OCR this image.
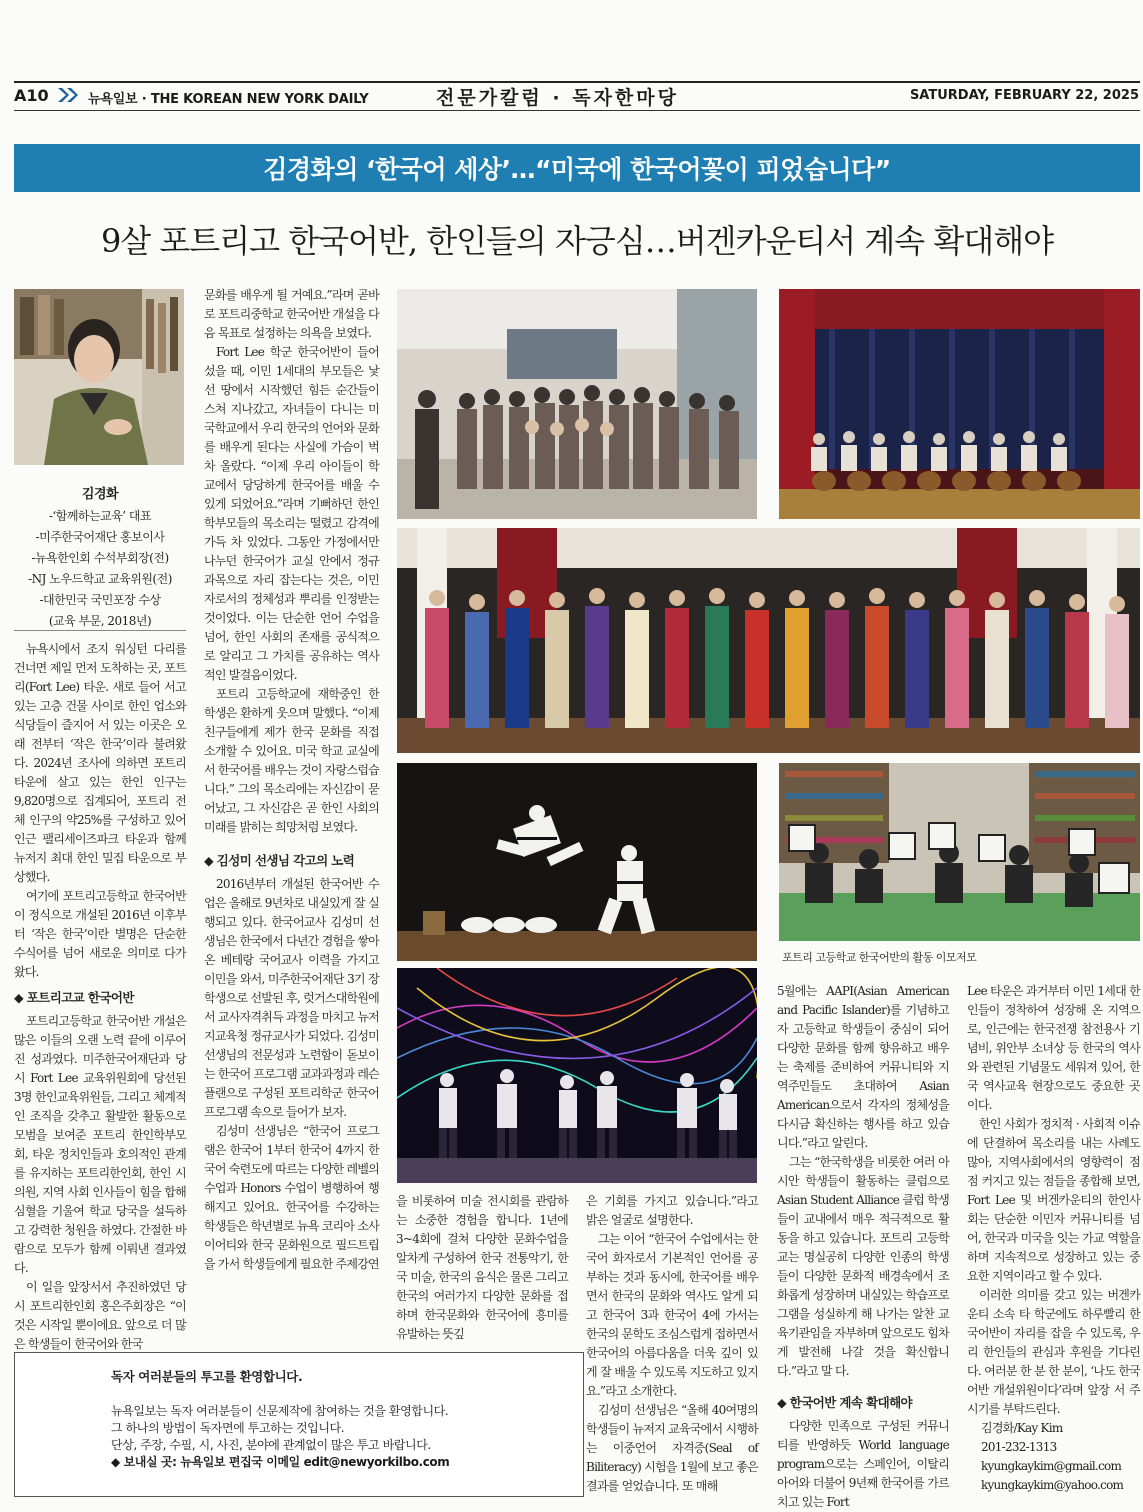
A10	뉴욕일보 · THE KOREAN NEW YORK DAILY	전문가칼럼 · 독자한마당	SATURDAY, FEBRUARY 22, 2025
김경화의 ‘한국어 세상’…“미국에 한국어꽃이 피었습니다”
9살 포트리고 한국어반, 한인들의 자긍심…버겐카운티서 계속 확대해야
김경화
-‘함께하는교육’ 대표
-미주한국어재단 홍보이사
-뉴욕한인회 수석부회장(전)
-NJ 노우드학교 교육위원(전)
-대한민국 국민포장 수상
(교육 부문, 2018년)

뉴욕시에서 조지 워싱턴 다리를 건너면 제일 먼저 도착하는 곳, 포트리(Fort Lee) 타운. 새로 들어 서고 있는 고층 건물 사이로 한인 업소와 식당들이 즐지어 서 있는 이곳은 오래 전부터 ‘작은 한국’이라 불려왔다. 2024년 조사에 의하면 포트리타운에 살고 있는 한인 인구는 9,820명으로 집계되어, 포트리 전체 인구의 약25%를 구성하고 있어 인근 팰리세이즈파크 타운과 함께 뉴저지 최대 한인 밀집 타운으로 부상했다.

여기에 포트리고등학교 한국어반이 정식으로 개설된 2016년 이후부터 ‘작은 한국’이란 별명은 단순한 수식어를 넘어 새로운 의미로 다가왔다.

◆ 포트리고교 한국어반

포트리고등학교 한국어반 개설은 많은 이들의 오랜 노력 끝에 이루어진 성과였다. 미주한국어재단과 당시 Fort Lee 교육위원회에 당선된 3명 한인교육위원들, 그리고 체계적인 조직을 갖추고 활발한 활동으로 모범을 보여준 포트리 한인학부모회, 타운 정치인들과 호의적인 관계를 유지하는 포트리한인회, 한인 시의원, 지역 사회 인사들이 힘을 합해 심혈을 기울여 학교 당국을 설득하고 강력한 청원을 하였다. 간절한 바람으로 모두가 함께 이뤄낸 결과였다.

이 일을 앞장서서 추진하였던 당시 포트리한인회 홍은주회장은 “이것은 시작일 뿐이에요. 앞으로 더 많은 학생들이 한국어와 한국

문화를 배우게 될 거예요.”라며 곧바로 포트리중학교 한국어반 개설을 다음 목표로 설정하는 의욕을 보였다.

Fort Lee 학군 한국어반이 들어섰을 때, 이민 1세대의 부모들은 낯선 땅에서 시작했던 힘든 순간들이 스쳐 지나갔고, 자녀들이 다니는 미국학교에서 우리 한국의 언어와 문화를 배우게 된다는 사실에 가슴이 벅차 올랐다. “이제 우리 아이들이 학교에서 당당하게 한국어를 배울 수 있게 되었어요.”라며 기뻐하던 한인 학부모들의 목소리는 떨렸고 감격에 가득 차 있었다. 그동안 가정에서만 나누던 한국어가 교실 안에서 정규 과목으로 자리 잡는다는 것은, 이민자로서의 정체성과 뿌리를 인정받는 것이었다. 이는 단순한 언어 수업을 넘어, 한인 사회의 존재를 공식적으로 알리고 그 가치를 공유하는 역사적인 발걸음이었다.

포트리 고등학교에 재학중인 한 학생은 환하게 웃으며 말했다. “이제 친구들에게 제가 한국 문화를 직접 소개할 수 있어요. 미국 학교 교실에서 한국어를 배우는 것이 자랑스럽습니다.” 그의 목소리에는 자신감이 묻어났고, 그 자신감은 곧 한인 사회의 미래를 밝히는 희망처럼 보였다.

◆ 김성미 선생님 각고의 노력

2016년부터 개설된 한국어반 수업은 올해로 9년차로 내실있게 잘 실행되고 있다. 한국어교사 김성미 선생님은 한국에서 다년간 경험을 쌓아 온 베테랑 국어교사 이력을 가지고 이민을 와서, 미주한국어재단 3기 장학생으로 선발된 후, 럿거스대학원에서 교사자격취득 과정을 마치고 뉴저지교육청 정규교사가 되었다. 김성미 선생님의 전문성과 노련함이 돋보이는 한국어 프로그램 교과과정과 레슨플랜으로 구성된 포트리학군 한국어 프로그램 속으로 들어가 보자.

김성미 선생님은 “한국어 프로그램은 한국어 1부터 한국어 4까지 한국어 숙련도에 따르는 다양한 레벨의 수업과 Honors 수업이 병행하여 행해지고 있어요. 한국어를 수강하는 학생들은 학년별로 뉴욕 코리아 소사이어티와 한국 문화원으로 필드트립을 가서 학생들에게 필요한 주제강연

포트리 고등학교 한국어반의 활동 이모저모

을 비롯하여 미술 전시회를 관람하는 소중한 경험을 합니다. 1년에 3~4회에 걸쳐 다양한 문화수업을 알차게 구성하여 한국 전통악기, 한국 미술, 한국의 음식은 물론 그리고 한국의 여러가지 다양한 문화를 접하며 한국문화와 한국어에 흥미를 유발하는 뜻깊

은 기회를 가지고 있습니다.”라고 밝은 얼굴로 설명한다.

그는 이어 “한국어 수업에서는 한국어 화자로서 기본적인 언어를 공부하는 것과 동시에, 한국어를 배우면서 한국의 문화와 역사도 알게 되고 한국어 3과 한국어 4에 가서는 한국의 문학도 조심스럽게 접하면서 한국어의 아름다움을 더욱 깊이 있게 잘 배울 수 있도록 지도하고 있지요.”라고 소개한다.

김성미 선생님은 “올해 40여명의 학생들이 뉴저지 교육국에서 시행하는 이중언어 자격증(Seal of Biliteracy) 시험을 1월에 보고 좋은 결과를 얻었습니다. 또 매해

5월에는 AAPI(Asian American and Pacific Islander)를 기념하고자 고등학교 학생들이 중심이 되어 다양한 문화를 함께 향유하고 배우는 축제를 준비하여 커뮤니티와 지역주민들도 초대하여 Asian American으로서 각자의 정체성을 다시금 확신하는 행사를 하고 있습니다.”라고 알린다.

그는 “한국학생을 비롯한 여러 아시안 학생들이 활동하는 클럽으로 Asian Student Alliance 클럽 학생들이 교내에서 매우 적극적으로 활동을 하고 있습니다. 포트리 고등학교는 명실공히 다양한 인종의 학생들이 다양한 문화적 배경속에서 조화롭게 성장하며 내실있는 학습프로그램을 성실하게 해 나가는 알찬 교육기관임을 자부하며 앞으로도 힘차게 발전해 나갈 것을 확신합니다.”라고 말 다.

◆ 한국어반 계속 확대해야

다양한 민족으로 구성된 커뮤니티를 반영하듯 World language program으로는 스페인어, 이탈리아어와 더불어 9년째 한국어를 가르치고 있는 Fort

Lee 타운은 과거부터 이민 1세대 한인들이 정착하여 성장해 온 지역으로, 인근에는 한국전쟁 참전용사 기념비, 위안부 소녀상 등 한국의 역사와 관련된 기념물도 세워져 있어, 한국 역사교육 현장으로도 중요한 곳이다.

한인 사회가 정치적 · 사회적 이슈에 단결하여 목소리를 내는 사례도 많아, 지역사회에서의 영향력이 점점 커지고 있는 점들을 종합해 보면, Fort Lee 및 버겐카운티의 한인사회는 단순한 이민자 커뮤니티를 넘어, 한국과 미국을 잇는 가교 역할을 하며 지속적으로 성장하고 있는 중요한 지역이라고 할 수 있다.

이러한 의미를 갖고 있는 버겐카운티 소속 타 학군에도 하루빨리 한국어반이 자리를 잡을 수 있도록, 우리 한인들의 관심과 후원을 기다린다. 여러분 한 분 한 분이, ‘나도 한국어반 개설위원이다’라며 앞장 서 주시기를 부탁드린다.

김경화/Kay Kim
201-232-1313
kyungkaykim@gmail.com
kyungkaykim@yahoo.com
독자 여러분들의 투고를 환영합니다.
뉴욕일보는 독자 여러분들이 신문제작에 참여하는 것을 환영합니다.
그 하나의 방법이 독자면에 투고하는 것입니다.
단상, 주장, 수필, 시, 사진, 분야에 관계없이 많은 투고 바랍니다.
◆ 보내실 곳: 뉴욕일보 편집국 이메일 edit@newyorkilbo.com
